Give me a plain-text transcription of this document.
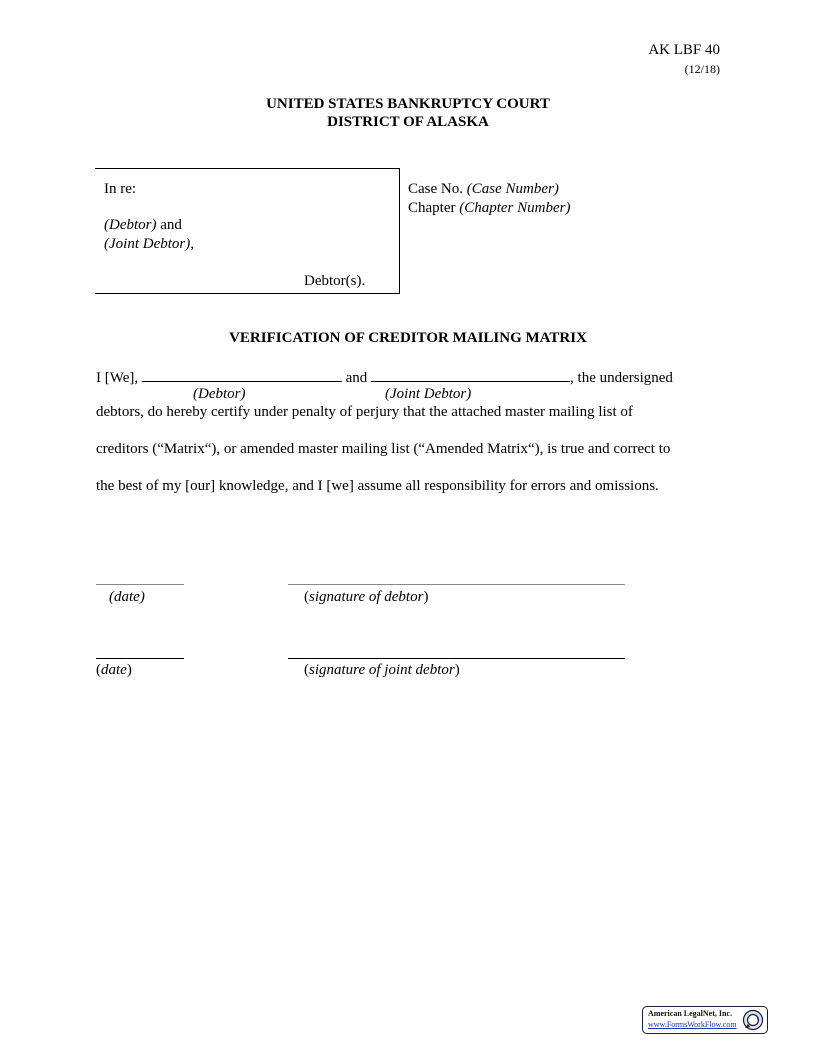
AK LBF 40
(12/18)
UNITED STATES BANKRUPTCY COURT
DISTRICT OF ALASKA
In re:
(Debtor) and
(Joint Debtor),
Debtor(s).
Case No. (Case Number)
Chapter (Chapter Number)
VERIFICATION OF CREDITOR MAILING MATRIX
I [We],	and	, the undersigned
(Debtor)	(Joint Debtor)
debtors, do hereby certify under penalty of perjury that the attached master mailing list of
creditors (“Matrix“), or amended master mailing list (“Amended Matrix“), is true and correct to
the best of my [our] knowledge, and I [we] assume all responsibility for errors and omissions.
(date)	(signature of debtor)
(date)	(signature of joint debtor)
American LegalNet, Inc.
www.FormsWorkFlow.com
